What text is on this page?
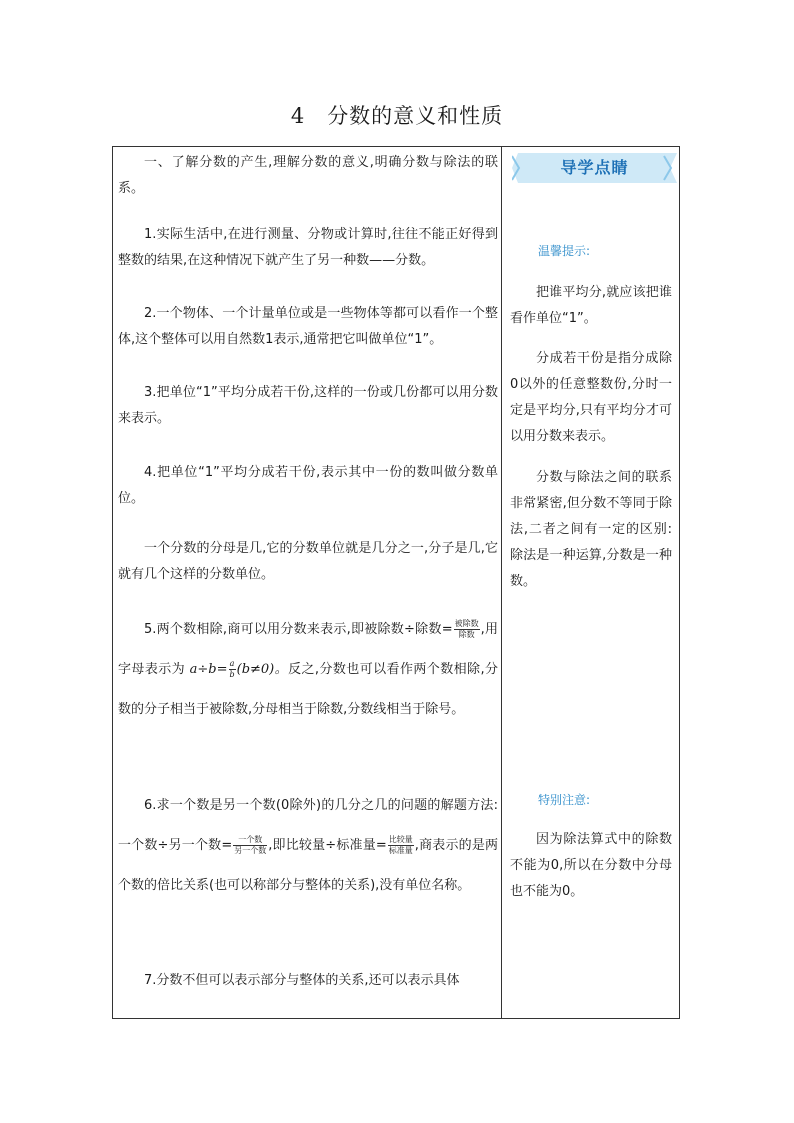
4 分数的意义和性质
一、了解分数的产生,理解分数的意义,明确分数与除法的联系。
1.实际生活中,在进行测量、分物或计算时,往往不能正好得到整数的结果,在这种情况下就产生了另一种数——分数。
2.一个物体、一个计量单位或是一些物体等都可以看作一个整体,这个整体可以用自然数1表示,通常把它叫做单位“1”。
3.把单位“1”平均分成若干份,这样的一份或几份都可以用分数来表示。
4.把单位“1”平均分成若干份,表示其中一份的数叫做分数单位。
一个分数的分母是几,它的分数单位就是几分之一,分子是几,它就有几个这样的分数单位。
5.两个数相除,商可以用分数来表示,即被除数÷除数= $\frac{\text{被除数}}{\text{除数}}$ ,用字母表示为 $a\div b= \frac{a}{b} (b\ne 0)$。反之,分数也可以看作两个数相除,分数的分子相当于被除数,分母相当于除数,分数线相当于除号。
6.求一个数是另一个数(0除外)的几分之几的问题的解题方法:一个数÷另一个数= $\frac{\text{一个数}}{\text{另一个数}}$ ,即比较量÷标准量= $\frac{\text{比较量}}{\text{标准量}}$ ,商表示的是两个数的倍比关系(也可以称部分与整体的关系),没有单位名称。
7.分数不但可以表示部分与整体的关系,还可以表示具体
导学点睛
温馨提示:
把谁平均分,就应该把谁看作单位“1”。
分成若干份是指分成除0以外的任意整数份,分时一定是平均分,只有平均分才可以用分数来表示。
分数与除法之间的联系非常紧密,但分数不等同于除法,二者之间有一定的区别:除法是一种运算,分数是一种数。
特别注意:
因为除法算式中的除数不能为0,所以在分数中分母也不能为0。
